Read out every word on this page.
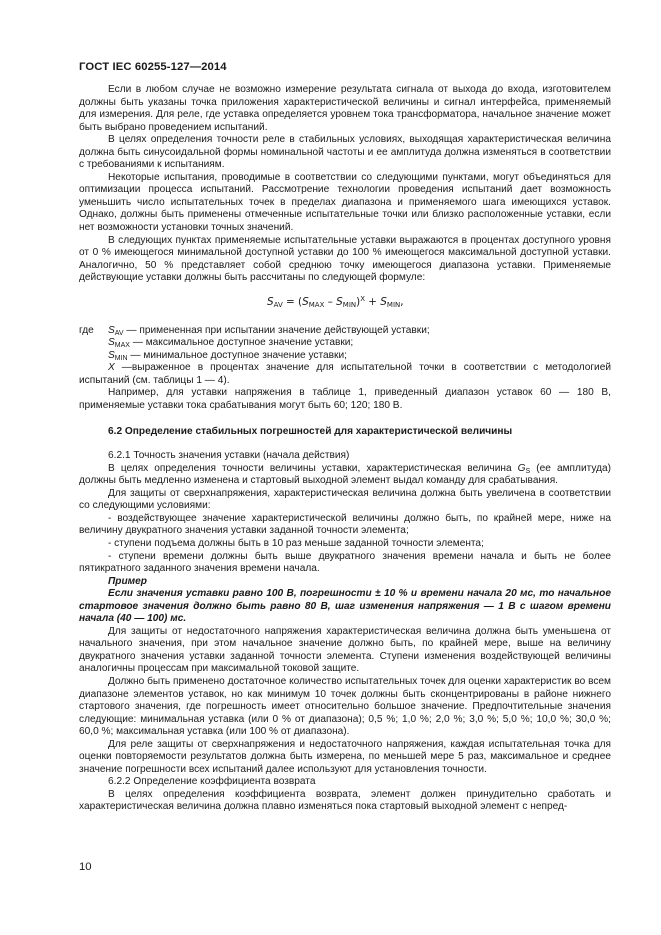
ГОСТ IEC 60255-127—2014

Если в любом случае не возможно измерение результата сигнала от выхода до входа, изготовителем должны быть указаны точка приложения характеристической величины и сигнал интерфейса, применяемый для измерения. Для реле, где уставка определяется уровнем тока трансформатора, начальное значение может быть выбрано проведением испытаний.

В целях определения точности реле в стабильных условиях, выходящая характеристическая величина должна быть синусоидальной формы номинальной частоты и ее амплитуда должна изменяться в соответствии с требованиями к испытаниям.

Некоторые испытания, проводимые в соответствии со следующими пунктами, могут объединяться для оптимизации процесса испытаний. Рассмотрение технологии проведения испытаний дает возможность уменьшить число испытательных точек в пределах диапазона и применяемого шага имеющихся уставок. Однако, должны быть применены отмеченные испытательные точки или близко расположенные уставки, если нет возможности установки точных значений.

В следующих пунктах применяемые испытательные уставки выражаются в процентах доступного уровня от 0 % имеющегося минимальной доступной уставки до 100 % имеющегося максимальной доступной уставки. Аналогично, 50 % представляет собой среднюю точку имеющегося диапазона уставки. Применяемые действующие уставки должны быть рассчитаны по следующей формуле:

$S_{AV} = (S_{MAX} - S_{MIN})^X + S_{MIN}$,
где	$S_{AV}$ — примененная при испытании значение действующей уставки;
$S_{MAX}$ — максимальное доступное значение уставки;
$S_{MIN}$ — минимальное доступное значение уставки;

X —выраженное в процентах значение для испытательной точки в соответствии с методологией испытаний (см. таблицы 1 — 4).

Например, для уставки напряжения в таблице 1, приведенный диапазон уставок 60 — 180 В, применяемые уставки тока срабатывания могут быть 60; 120; 180 В.

6.2 Определение стабильных погрешностей для характеристической величины

6.2.1 Точность значения уставки (начала действия)

В целях определения точности величины уставки, характеристическая величина $G_S$ (ее амплитуда) должны быть медленно изменена и стартовый выходной элемент выдал команду для срабатывания.

Для защиты от сверхнапряжения, характеристическая величина должна быть увеличена в соответствии со следующими условиями:

- воздействующее значение характеристической величины должно быть, по крайней мере, ниже на величину двукратного значения уставки заданной точности элемента;

- ступени подъема должны быть в 10 раз меньше заданной точности элемента;

- ступени времени должны быть выше двукратного значения времени начала и быть не более пятикратного заданного значения времени начала.

Пример

Если значения уставки равно 100 В, погрешности ± 10 % и времени начала 20 мс, то начальное стартовое значения должно быть равно 80 В, шаг изменения напряжения — 1 В с шагом времени начала (40 — 100) мс.

Для защиты от недостаточного напряжения характеристическая величина должна быть уменьшена от начального значения, при этом начальное значение должно быть, по крайней мере, выше на величину двукратного значения уставки заданной точности элемента. Ступени изменения воздействующей величины аналогичны процессам при максимальной токовой защите.

Должно быть применено достаточное количество испытательных точек для оценки характеристик во всем диапазоне элементов уставок, но как минимум 10 точек должны быть сконцентрированы в районе нижнего стартового значения, где погрешность имеет относительно большое значение. Предпочтительные значения следующие: минимальная уставка (или 0 % от диапазона); 0,5 %; 1,0 %; 2,0 %; 3,0 %; 5,0 %; 10,0 %; 30,0 %; 60,0 %; максимальная уставка (или 100 % от диапазона).

Для реле защиты от сверхнапряжения и недостаточного напряжения, каждая испытательная точка для оценки повторяемости результатов должна быть измерена, по меньшей мере 5 раз, максимальное и среднее значение погрешности всех испытаний далее используют для установления точности.

6.2.2 Определение коэффициента возврата

В целях определения коэффициента возврата, элемент должен принудительно сработать и характеристическая величина должна плавно изменяться пока стартовый выходной элемент с непред-

10
